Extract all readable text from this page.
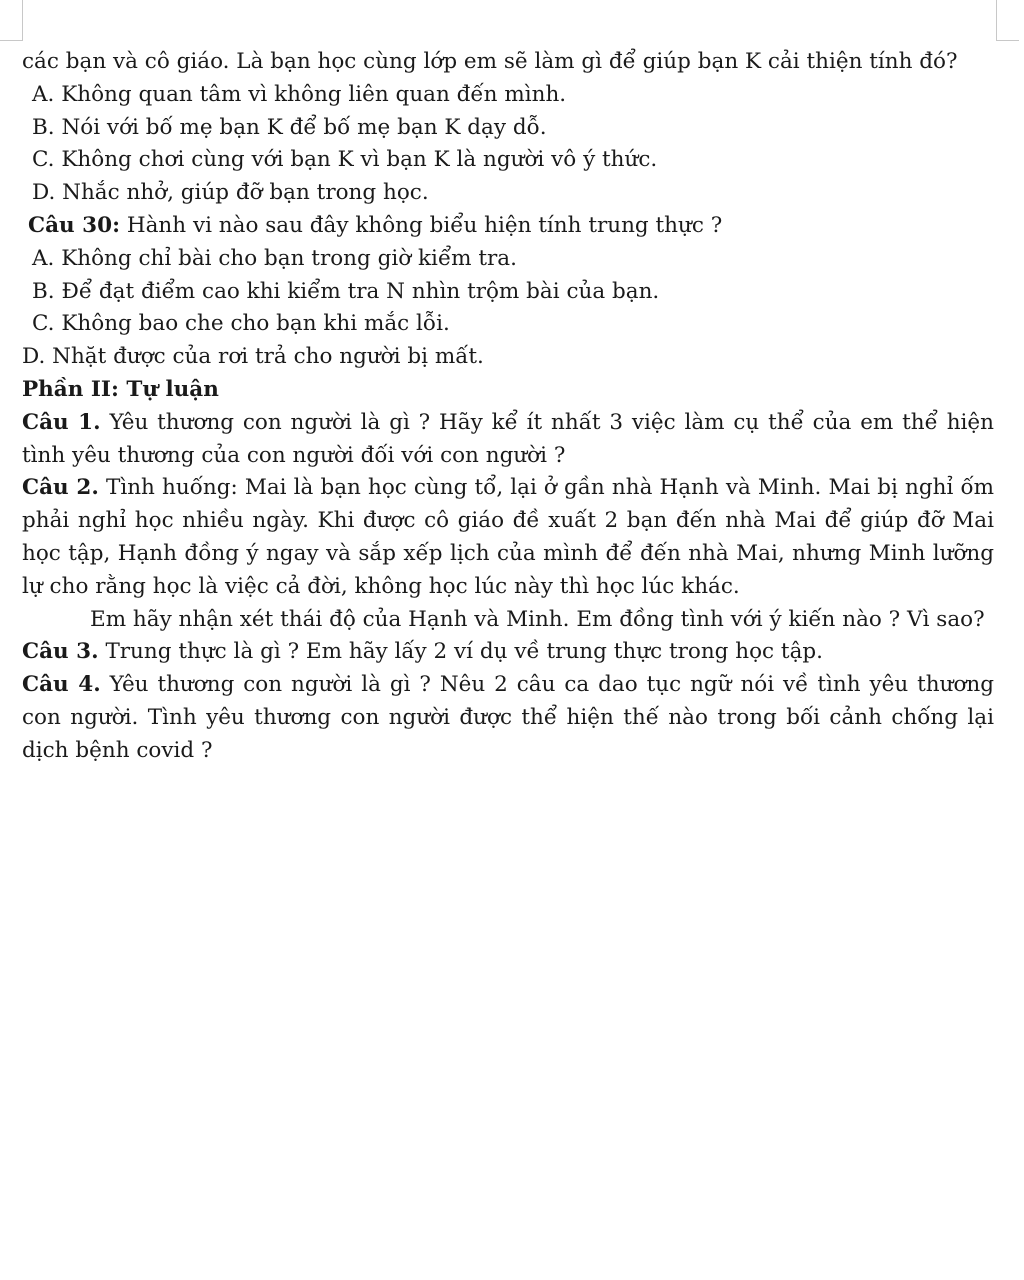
các bạn và cô giáo. Là bạn học cùng lớp em sẽ làm gì để giúp bạn K cải thiện tính đó?

A. Không quan tâm vì không liên quan đến mình.

B. Nói với bố mẹ bạn K để bố mẹ bạn K dạy dỗ.

C. Không chơi cùng với bạn K vì bạn K là người vô ý thức.

D. Nhắc nhở, giúp đỡ bạn trong học.

Câu 30: Hành vi nào sau đây không biểu hiện tính trung thực ?

A. Không chỉ bài cho bạn trong giờ kiểm tra.

B. Để đạt điểm cao khi kiểm tra N nhìn trộm bài của bạn.

C. Không bao che cho bạn khi mắc lỗi.

D. Nhặt được của rơi trả cho người bị mất.

Phần II: Tự luận

Câu 1. Yêu thương con người là gì ? Hãy kể ít nhất 3 việc làm cụ thể của em thể hiện tình yêu thương của con người đối với con người ?

Câu 2. Tình huống: Mai là bạn học cùng tổ, lại ở gần nhà Hạnh và Minh. Mai bị nghỉ ốm phải nghỉ học nhiều ngày. Khi được cô giáo đề xuất 2 bạn đến nhà Mai để giúp đỡ Mai học tập, Hạnh đồng ý ngay và sắp xếp lịch của mình để đến nhà Mai, nhưng Minh lưỡng lự cho rằng học là việc cả đời, không học lúc này thì học lúc khác.

Em hãy nhận xét thái độ của Hạnh và Minh. Em đồng tình với ý kiến nào ? Vì sao?

Câu 3. Trung thực là gì ? Em hãy lấy 2 ví dụ về trung thực trong học tập.

Câu 4. Yêu thương con người là gì ? Nêu 2 câu ca dao tục ngữ nói về tình yêu thương con người. Tình yêu thương con người được thể hiện thế nào trong bối cảnh chống lại dịch bệnh covid ?
